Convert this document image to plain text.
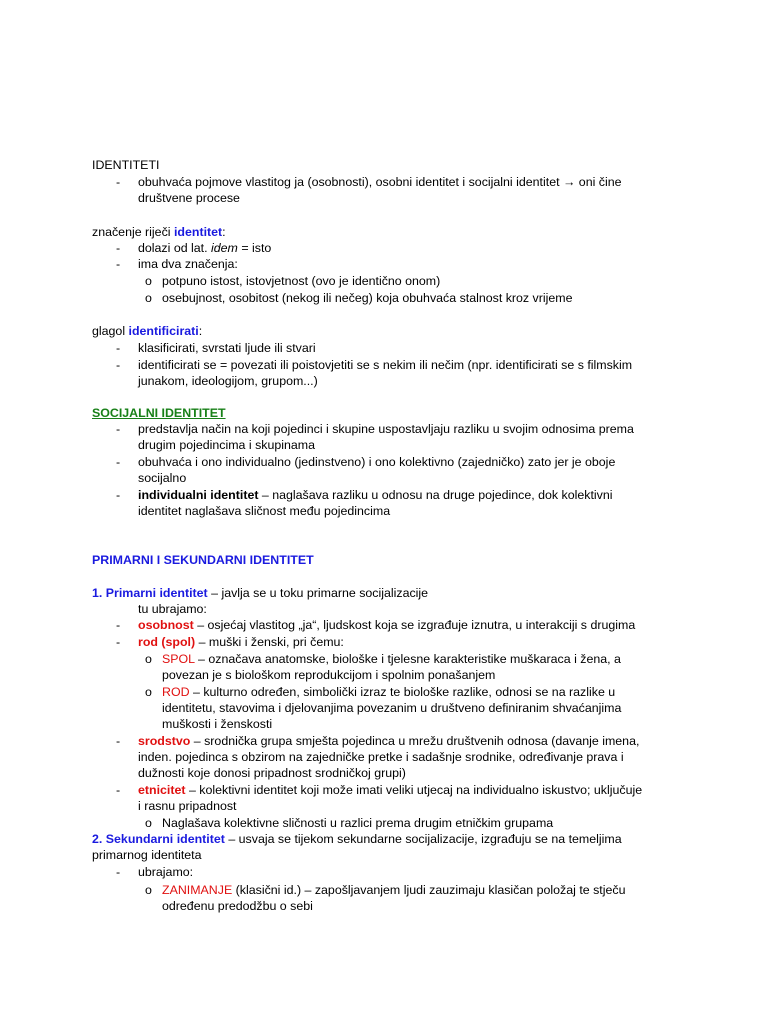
IDENTITETI
- obuhvaća pojmove vlastitog ja (osobnosti), osobni identitet i socijalni identitet → oni čine
društvene procese
značenje riječi identitet:
- dolazi od lat. idem = isto
- ima dva značenja:
o potpuno istost, istovjetnost (ovo je identično onom)
o osebujnost, osobitost (nekog ili nečeg) koja obuhvaća stalnost kroz vrijeme
glagol identificirati:
- klasificirati, svrstati ljude ili stvari
- identificirati se = povezati ili poistovjetiti se s nekim ili nečim (npr. identificirati se s filmskim
junakom, ideologijom, grupom...)
SOCIJALNI IDENTITET
- predstavlja način na koji pojedinci i skupine uspostavljaju razliku u svojim odnosima prema
drugim pojedincima i skupinama
- obuhvaća i ono individualno (jedinstveno) i ono kolektivno (zajedničko) zato jer je oboje
socijalno
- individualni identitet – naglašava razliku u odnosu na druge pojedince, dok kolektivni
identitet naglašava sličnost među pojedincima
PRIMARNI I SEKUNDARNI IDENTITET
1. Primarni identitet – javlja se u toku primarne socijalizacije
tu ubrajamo:
- osobnost – osjećaj vlastitog „ja“, ljudskost koja se izgrađuje iznutra, u interakciji s drugima
- rod (spol) – muški i ženski, pri čemu:
o SPOL – označava anatomske, biološke i tjelesne karakteristike muškaraca i žena, a
povezan je s biološkom reprodukcijom i spolnim ponašanjem
o ROD – kulturno određen, simbolički izraz te biološke razlike, odnosi se na razlike u
identitetu, stavovima i djelovanjima povezanim u društveno definiranim shvaćanjima
muškosti i ženskosti
- srodstvo – srodnička grupa smješta pojedinca u mrežu društvenih odnosa (davanje imena,
inden. pojedinca s obzirom na zajedničke pretke i sadašnje srodnike, određivanje prava i
dužnosti koje donosi pripadnost srodničkoj grupi)
- etnicitet – kolektivni identitet koji može imati veliki utjecaj na individualno iskustvo; uključuje
i rasnu pripadnost
o Naglašava kolektivne sličnosti u razlici prema drugim etničkim grupama
2. Sekundarni identitet – usvaja se tijekom sekundarne socijalizacije, izgrađuju se na temeljima
primarnog identiteta
- ubrajamo:
o ZANIMANJE (klasični id.) – zapošljavanjem ljudi zauzimaju klasičan položaj te stječu
određenu predodžbu o sebi
